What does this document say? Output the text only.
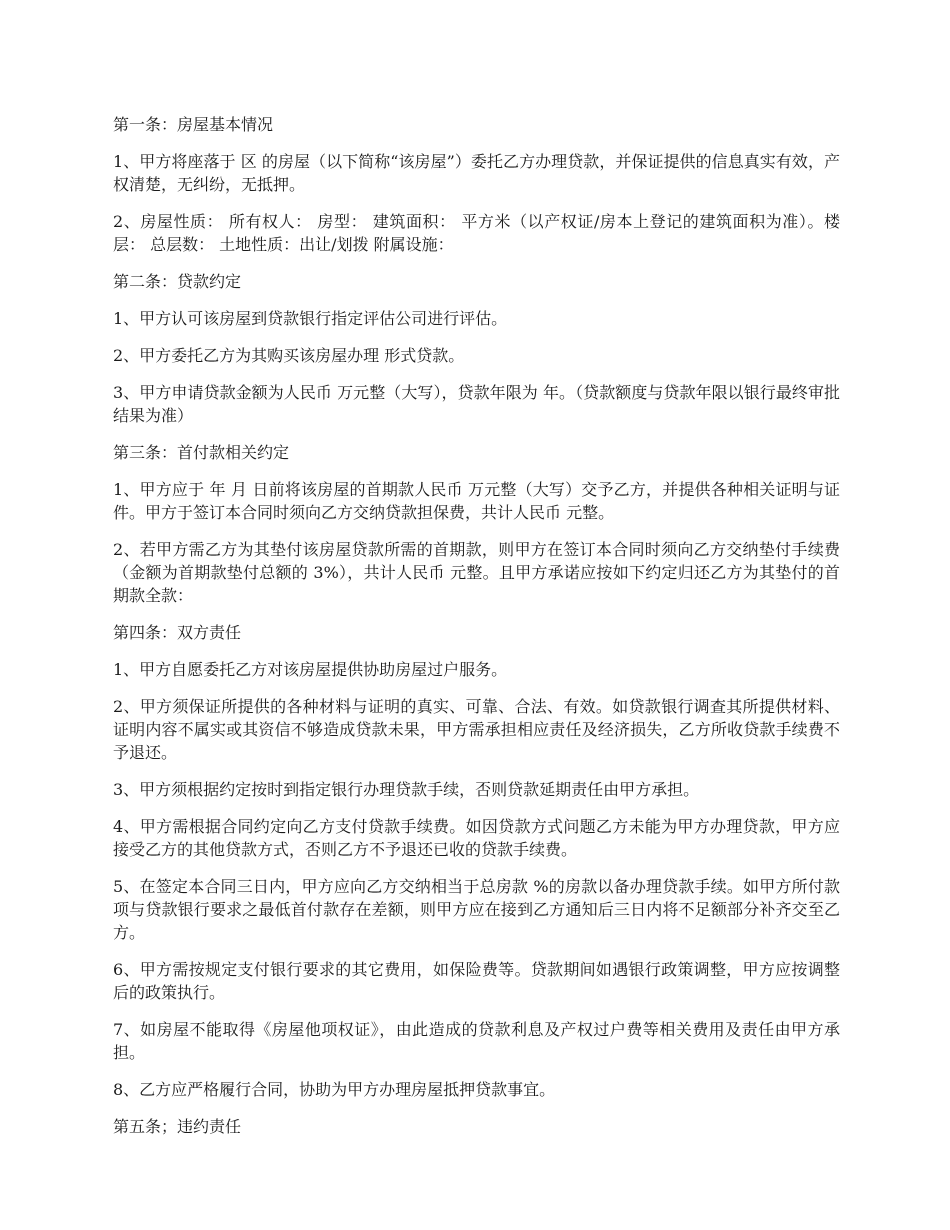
第一条：房屋基本情况

1、甲方将座落于 区 的房屋（以下简称“该房屋”）委托乙方办理贷款，并保证提供的信息真实有效，产权清楚，无纠纷，无抵押。

2、房屋性质： 所有权人： 房型： 建筑面积： 平方米（以产权证/房本上登记的建筑面积为准）。楼层： 总层数： 土地性质：出让/划拨 附属设施：

第二条：贷款约定

1、甲方认可该房屋到贷款银行指定评估公司进行评估。

2、甲方委托乙方为其购买该房屋办理 形式贷款。

3、甲方申请贷款金额为人民币 万元整（大写），贷款年限为 年。（贷款额度与贷款年限以银行最终审批结果为准）

第三条：首付款相关约定

1、甲方应于 年 月 日前将该房屋的首期款人民币 万元整（大写）交予乙方，并提供各种相关证明与证件。甲方于签订本合同时须向乙方交纳贷款担保费，共计人民币 元整。

2、若甲方需乙方为其垫付该房屋贷款所需的首期款，则甲方在签订本合同时须向乙方交纳垫付手续费（金额为首期款垫付总额的 3%），共计人民币 元整。且甲方承诺应按如下约定归还乙方为其垫付的首期款全款：

第四条：双方责任

1、甲方自愿委托乙方对该房屋提供协助房屋过户服务。

2、甲方须保证所提供的各种材料与证明的真实、可靠、合法、有效。如贷款银行调查其所提供材料、证明内容不属实或其资信不够造成贷款未果，甲方需承担相应责任及经济损失，乙方所收贷款手续费不予退还。

3、甲方须根据约定按时到指定银行办理贷款手续，否则贷款延期责任由甲方承担。

4、甲方需根据合同约定向乙方支付贷款手续费。如因贷款方式问题乙方未能为甲方办理贷款，甲方应接受乙方的其他贷款方式，否则乙方不予退还已收的贷款手续费。

5、在签定本合同三日内，甲方应向乙方交纳相当于总房款 %的房款以备办理贷款手续。如甲方所付款项与贷款银行要求之最低首付款存在差额，则甲方应在接到乙方通知后三日内将不足额部分补齐交至乙方。

6、甲方需按规定支付银行要求的其它费用，如保险费等。贷款期间如遇银行政策调整，甲方应按调整后的政策执行。

7、如房屋不能取得《房屋他项权证》，由此造成的贷款利息及产权过户费等相关费用及责任由甲方承担。

8、乙方应严格履行合同，协助为甲方办理房屋抵押贷款事宜。

第五条；违约责任
